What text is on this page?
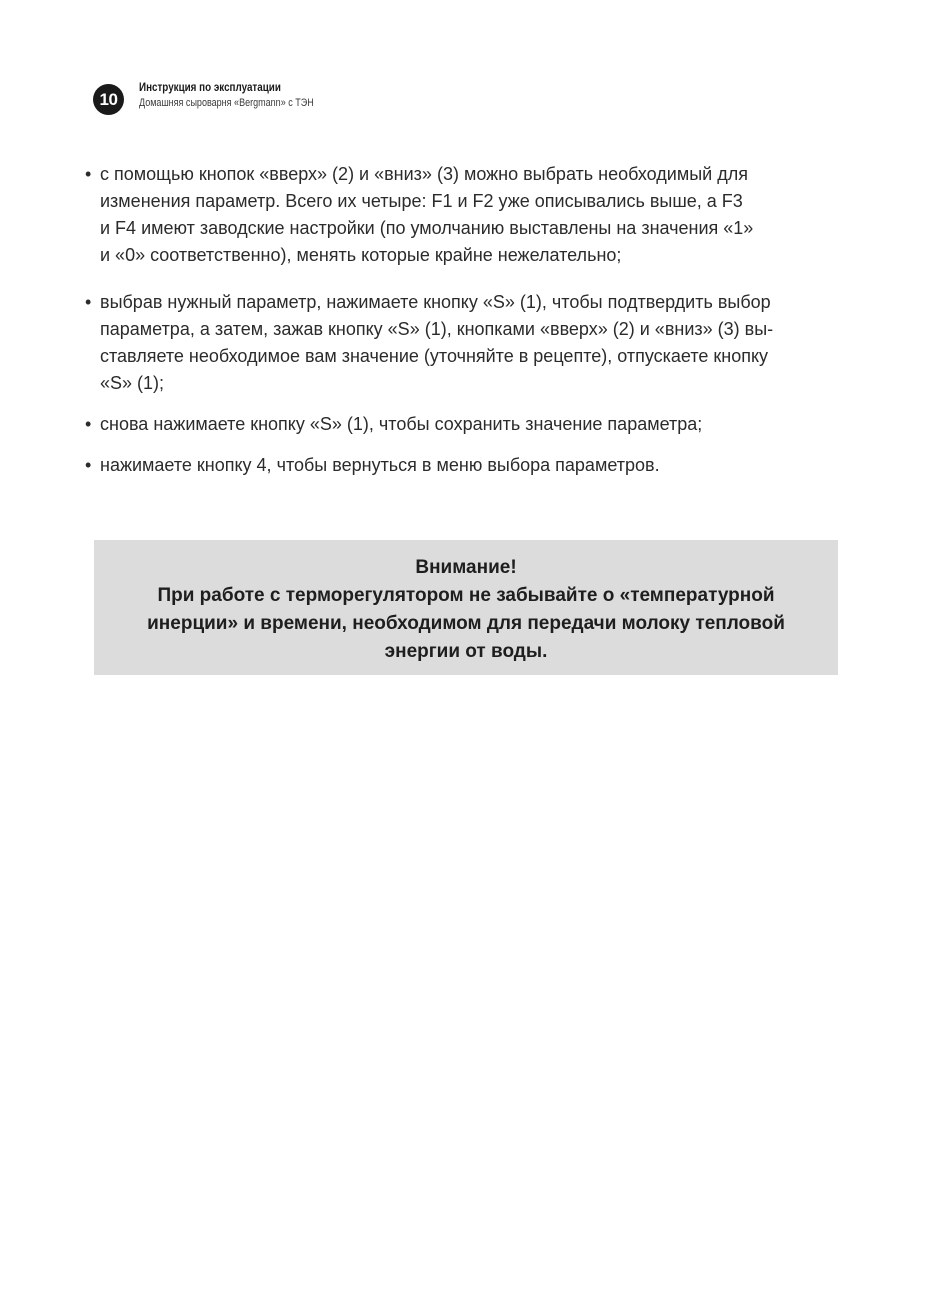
10
Инструкция по эксплуатации
Домашняя сыроварня «Bergmann» с ТЭН
• с помощью кнопок «вверх» (2) и «вниз» (3) можно выбрать необходимый для
изменения параметр. Всего их четыре: F1 и F2 уже описывались выше, а F3
и F4 имеют заводские настройки (по умолчанию выставлены на значения «1»
и «0» соответственно), менять которые крайне нежелательно;
• выбрав нужный параметр, нажимаете кнопку «S» (1), чтобы подтвердить выбор
параметра, а затем, зажав кнопку «S» (1), кнопками «вверх» (2) и «вниз» (3) вы-
ставляете необходимое вам значение (уточняйте в рецепте), отпускаете кнопку
«S» (1);
• снова нажимаете кнопку «S» (1), чтобы сохранить значение параметра;
• нажимаете кнопку 4, чтобы вернуться в меню выбора параметров.
Внимание!
При работе с терморегулятором не забывайте о «температурной
инерции» и времени, необходимом для передачи молоку тепловой
энергии от воды.
